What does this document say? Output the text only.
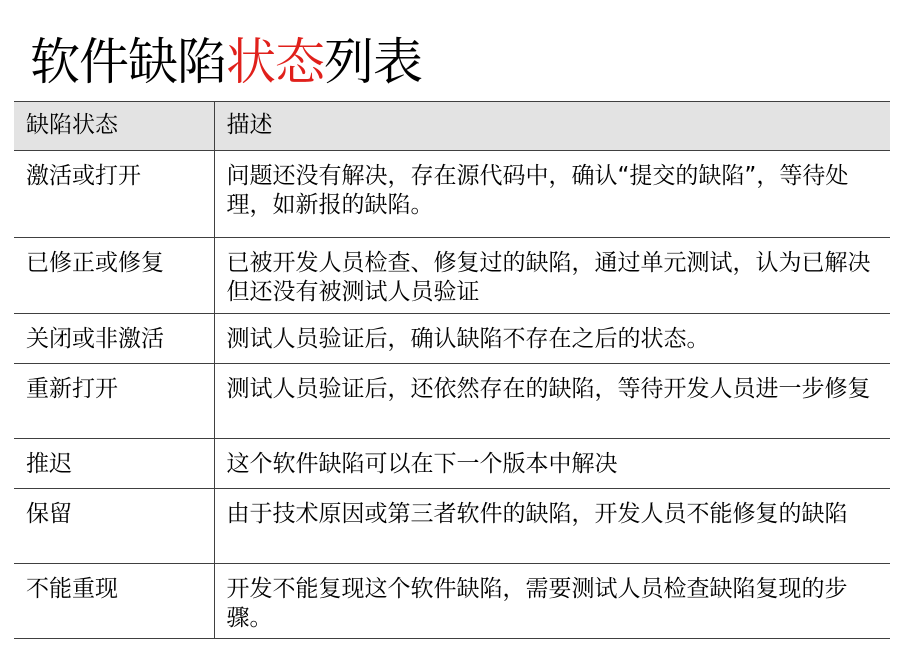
软件缺陷状态列表
缺陷状态	描述
激活或打开	问题还没有解决，存在源代码中，确认“提交的缺陷”，等待处理，如新报的缺陷。
已修正或修复	已被开发人员检查、修复过的缺陷，通过单元测试，认为已解决但还没有被测试人员验证
关闭或非激活	测试人员验证后，确认缺陷不存在之后的状态。
重新打开	测试人员验证后，还依然存在的缺陷，等待开发人员进一步修复
推迟	这个软件缺陷可以在下一个版本中解决
保留	由于技术原因或第三者软件的缺陷，开发人员不能修复的缺陷
不能重现	开发不能复现这个软件缺陷，需要测试人员检查缺陷复现的步骤。
